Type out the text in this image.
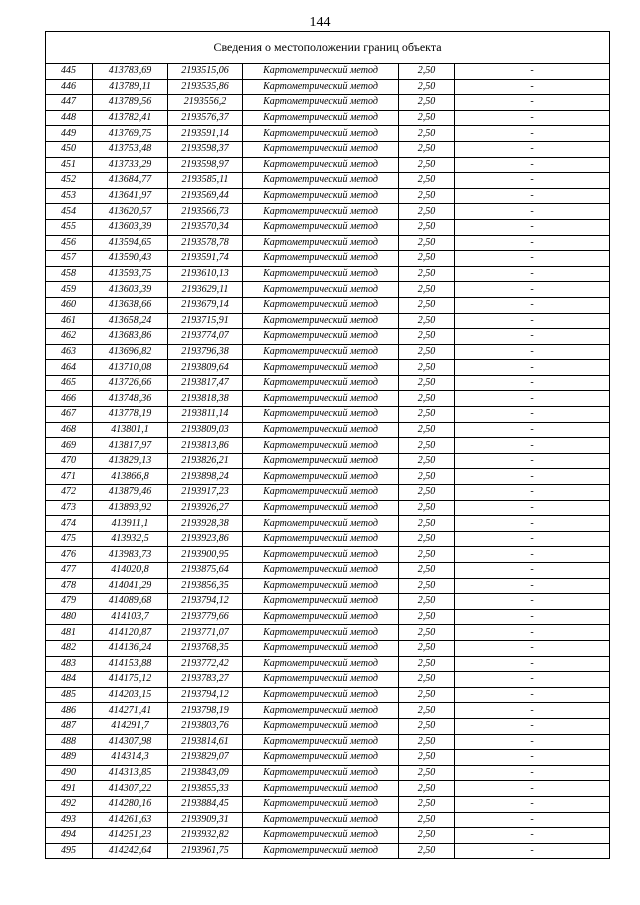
144
Сведения о местоположении границ объекта					
445	413783,69	2193515,06	Картометрический метод	2,50	-
446	413789,11	2193535,86	Картометрический метод	2,50	-
447	413789,56	2193556,2	Картометрический метод	2,50	-
448	413782,41	2193576,37	Картометрический метод	2,50	-
449	413769,75	2193591,14	Картометрический метод	2,50	-
450	413753,48	2193598,37	Картометрический метод	2,50	-
451	413733,29	2193598,97	Картометрический метод	2,50	-
452	413684,77	2193585,11	Картометрический метод	2,50	-
453	413641,97	2193569,44	Картометрический метод	2,50	-
454	413620,57	2193566,73	Картометрический метод	2,50	-
455	413603,39	2193570,34	Картометрический метод	2,50	-
456	413594,65	2193578,78	Картометрический метод	2,50	-
457	413590,43	2193591,74	Картометрический метод	2,50	-
458	413593,75	2193610,13	Картометрический метод	2,50	-
459	413603,39	2193629,11	Картометрический метод	2,50	-
460	413638,66	2193679,14	Картометрический метод	2,50	-
461	413658,24	2193715,91	Картометрический метод	2,50	-
462	413683,86	2193774,07	Картометрический метод	2,50	-
463	413696,82	2193796,38	Картометрический метод	2,50	-
464	413710,08	2193809,64	Картометрический метод	2,50	-
465	413726,66	2193817,47	Картометрический метод	2,50	-
466	413748,36	2193818,38	Картометрический метод	2,50	-
467	413778,19	2193811,14	Картометрический метод	2,50	-
468	413801,1	2193809,03	Картометрический метод	2,50	-
469	413817,97	2193813,86	Картометрический метод	2,50	-
470	413829,13	2193826,21	Картометрический метод	2,50	-
471	413866,8	2193898,24	Картометрический метод	2,50	-
472	413879,46	2193917,23	Картометрический метод	2,50	-
473	413893,92	2193926,27	Картометрический метод	2,50	-
474	413911,1	2193928,38	Картометрический метод	2,50	-
475	413932,5	2193923,86	Картометрический метод	2,50	-
476	413983,73	2193900,95	Картометрический метод	2,50	-
477	414020,8	2193875,64	Картометрический метод	2,50	-
478	414041,29	2193856,35	Картометрический метод	2,50	-
479	414089,68	2193794,12	Картометрический метод	2,50	-
480	414103,7	2193779,66	Картометрический метод	2,50	-
481	414120,87	2193771,07	Картометрический метод	2,50	-
482	414136,24	2193768,35	Картометрический метод	2,50	-
483	414153,88	2193772,42	Картометрический метод	2,50	-
484	414175,12	2193783,27	Картометрический метод	2,50	-
485	414203,15	2193794,12	Картометрический метод	2,50	-
486	414271,41	2193798,19	Картометрический метод	2,50	-
487	414291,7	2193803,76	Картометрический метод	2,50	-
488	414307,98	2193814,61	Картометрический метод	2,50	-
489	414314,3	2193829,07	Картометрический метод	2,50	-
490	414313,85	2193843,09	Картометрический метод	2,50	-
491	414307,22	2193855,33	Картометрический метод	2,50	-
492	414280,16	2193884,45	Картометрический метод	2,50	-
493	414261,63	2193909,31	Картометрический метод	2,50	-
494	414251,23	2193932,82	Картометрический метод	2,50	-
495	414242,64	2193961,75	Картометрический метод	2,50	-
